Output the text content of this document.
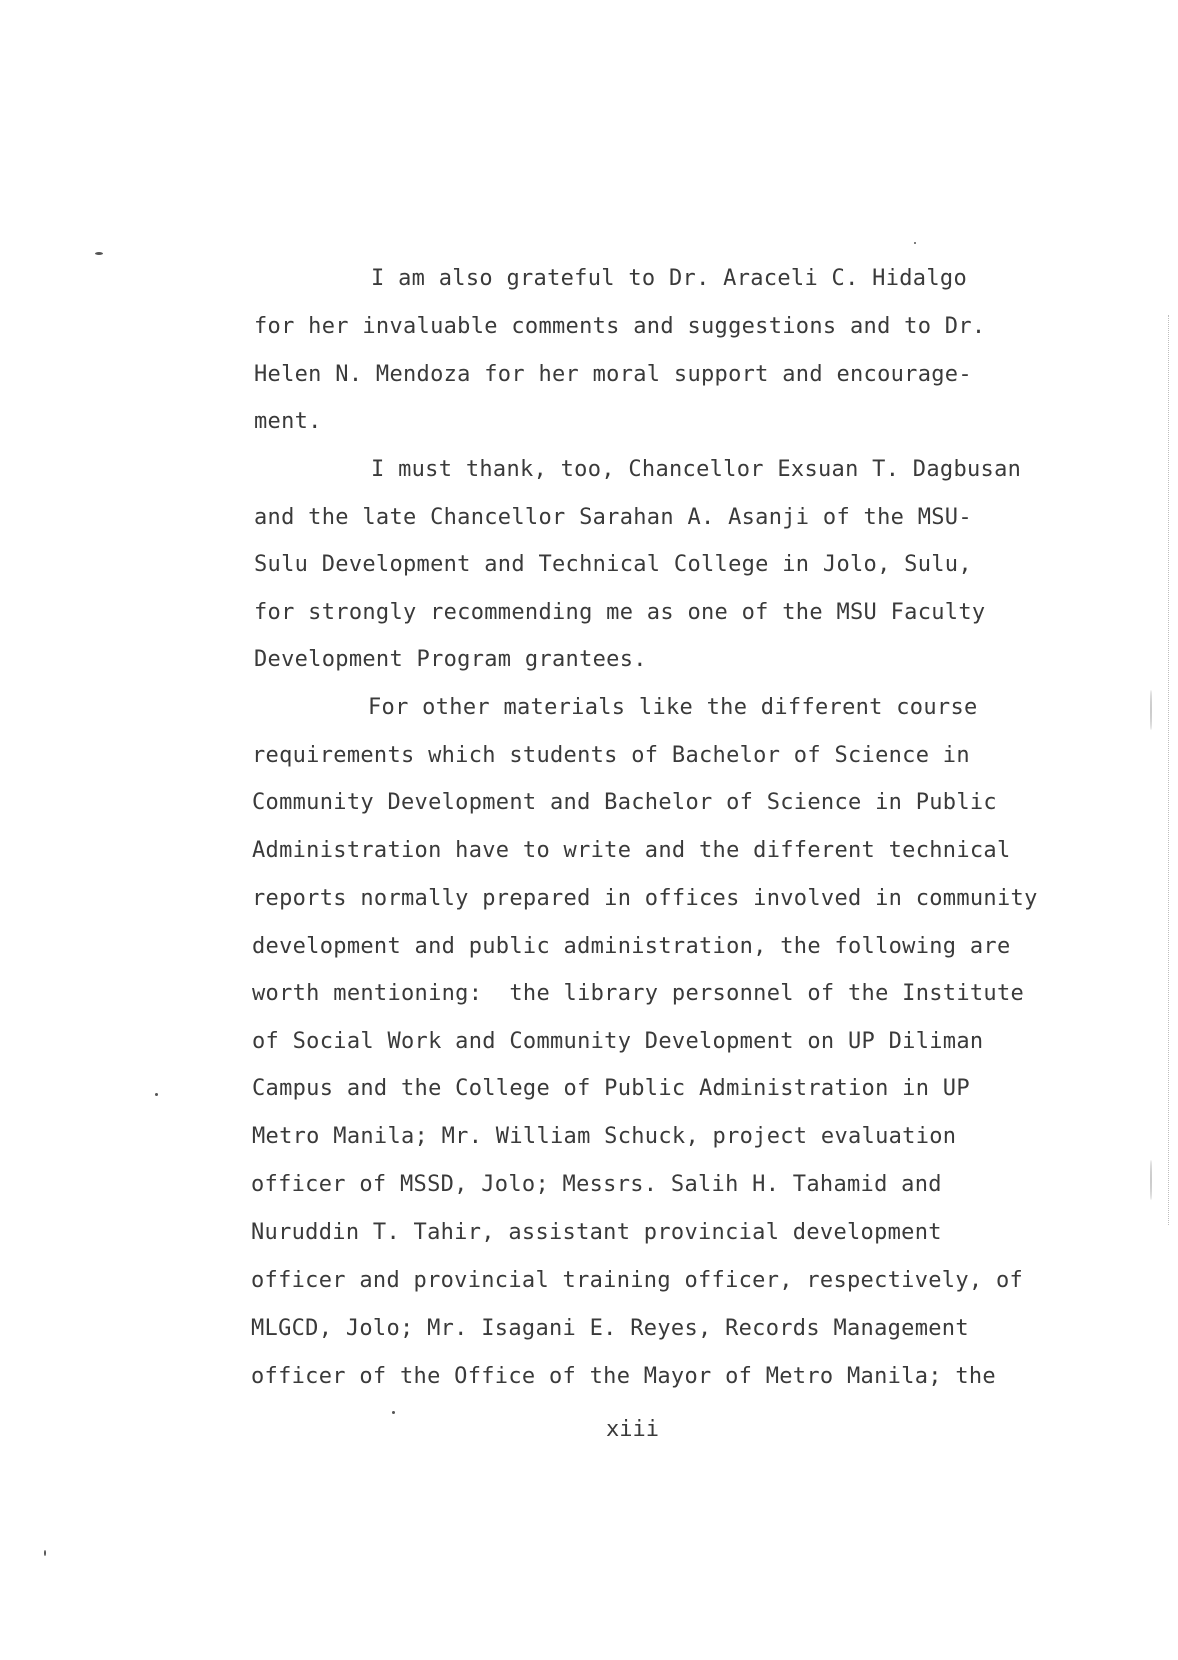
I am also grateful to Dr. Araceli C. Hidalgo
for her invaluable comments and suggestions and to Dr.
Helen N. Mendoza for her moral support and encourage-
ment.
I must thank, too, Chancellor Exsuan T. Dagbusan
and the late Chancellor Sarahan A. Asanji of the MSU-
Sulu Development and Technical College in Jolo, Sulu,
for strongly recommending me as one of the MSU Faculty
Development Program grantees.
For other materials like the different course
requirements which students of Bachelor of Science in
Community Development and Bachelor of Science in Public
Administration have to write and the different technical
reports normally prepared in offices involved in community
development and public administration, the following are
worth mentioning:  the library personnel of the Institute
of Social Work and Community Development on UP Diliman
Campus and the College of Public Administration in UP
Metro Manila; Mr. William Schuck, project evaluation
officer of MSSD, Jolo; Messrs. Salih H. Tahamid and
Nuruddin T. Tahir, assistant provincial development
officer and provincial training officer, respectively, of
MLGCD, Jolo; Mr. Isagani E. Reyes, Records Management
officer of the Office of the Mayor of Metro Manila; the
xiii
